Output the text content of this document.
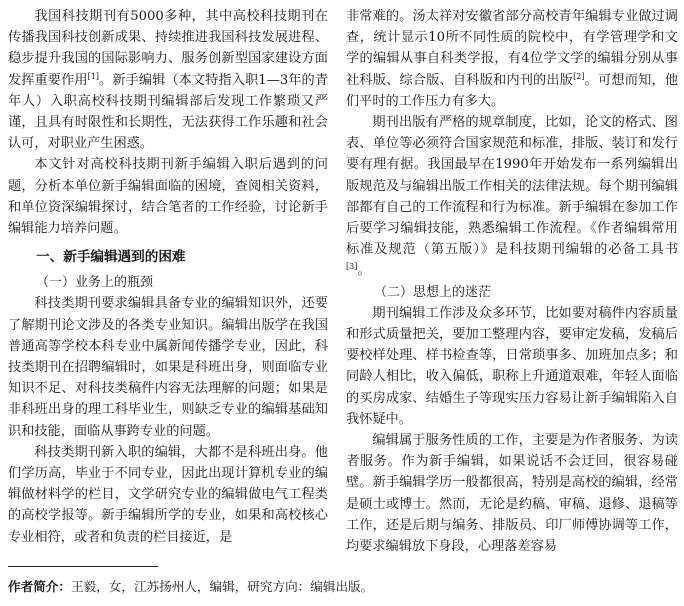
我国科技期刊有5000多种，其中高校科技期刊在传播我国科技创新成果、持续推进我国科技发展进程、稳步提升我国的国际影响力、服务创新型国家建设方面发挥重要作用[1]。新手编辑（本文特指入职1—3年的青年人）入职高校科技期刊编辑部后发现工作繁琐又严谨，且具有时限性和长期性，无法获得工作乐趣和社会认可，对职业产生困惑。

本文针对高校科技期刊新手编辑入职后遇到的问题，分析本单位新手编辑面临的困境，查阅相关资料，和单位资深编辑探讨，结合笔者的工作经验，讨论新手编辑能力培养问题。

一、新手编辑遇到的困难
（一）业务上的瓶颈

科技类期刊要求编辑具备专业的编辑知识外，还要了解期刊论文涉及的各类专业知识。编辑出版学在我国普通高等学校本科专业中属新闻传播学专业，因此，科技类期刊在招聘编辑时，如果是科班出身，则面临专业知识不足、对科技类稿件内容无法理解的问题；如果是非科班出身的理工科毕业生，则缺乏专业的编辑基础知识和技能，面临从事跨专业的问题。

科技类期刊新入职的编辑，大都不是科班出身。他们学历高，毕业于不同专业，因此出现计算机专业的编辑做材料学的栏目，文学研究专业的编辑做电气工程类的高校学报等。新手编辑所学的专业，如果和高校核心专业相符，或者和负责的栏目接近，是

非常难的。汤太祥对安徽省部分高校青年编辑专业做过调查，统计显示10所不同性质的院校中，有学管理学和文学的编辑从事自科类学报，有4位学文学的编辑分别从事社科版、综合版、自科版和内刊的出版[2]。可想而知，他们平时的工作压力有多大。

期刊出版有严格的规章制度，比如，论文的格式、图表、单位等必须符合国家规范和标准，排版、装订和发行要有理有据。我国最早在1990年开始发布一系列编辑出版规范及与编辑出版工作相关的法律法规。每个期刊编辑部都有自己的工作流程和行为标准。新手编辑在参加工作后要学习编辑技能，熟悉编辑工作流程。《作者编辑常用标准及规范（第五版）》是科技期刊编辑的必备工具书[3]。

（二）思想上的迷茫

期刊编辑工作涉及众多环节，比如要对稿件内容质量和形式质量把关，要加工整理内容，要审定发稿，发稿后要校样处理、样书检查等，日常琐事多、加班加点多；和同龄人相比，收入偏低，职称上升通道艰难，年轻人面临的买房成家、结婚生子等现实压力容易让新手编辑陷入自我怀疑中。

编辑属于服务性质的工作，主要是为作者服务、为读者服务。作为新手编辑，如果说话不会迂回，很容易碰壁。新手编辑学历一般都很高，特别是高校的编辑，经常是硕士或博士。然而，无论是约稿、审稿、退修、退稿等工作，还是后期与编务、排版员、印厂师傅协调等工作，均要求编辑放下身段，心理落差容易

作者简介：王毅，女，江苏扬州人，编辑，研究方向：编辑出版。
